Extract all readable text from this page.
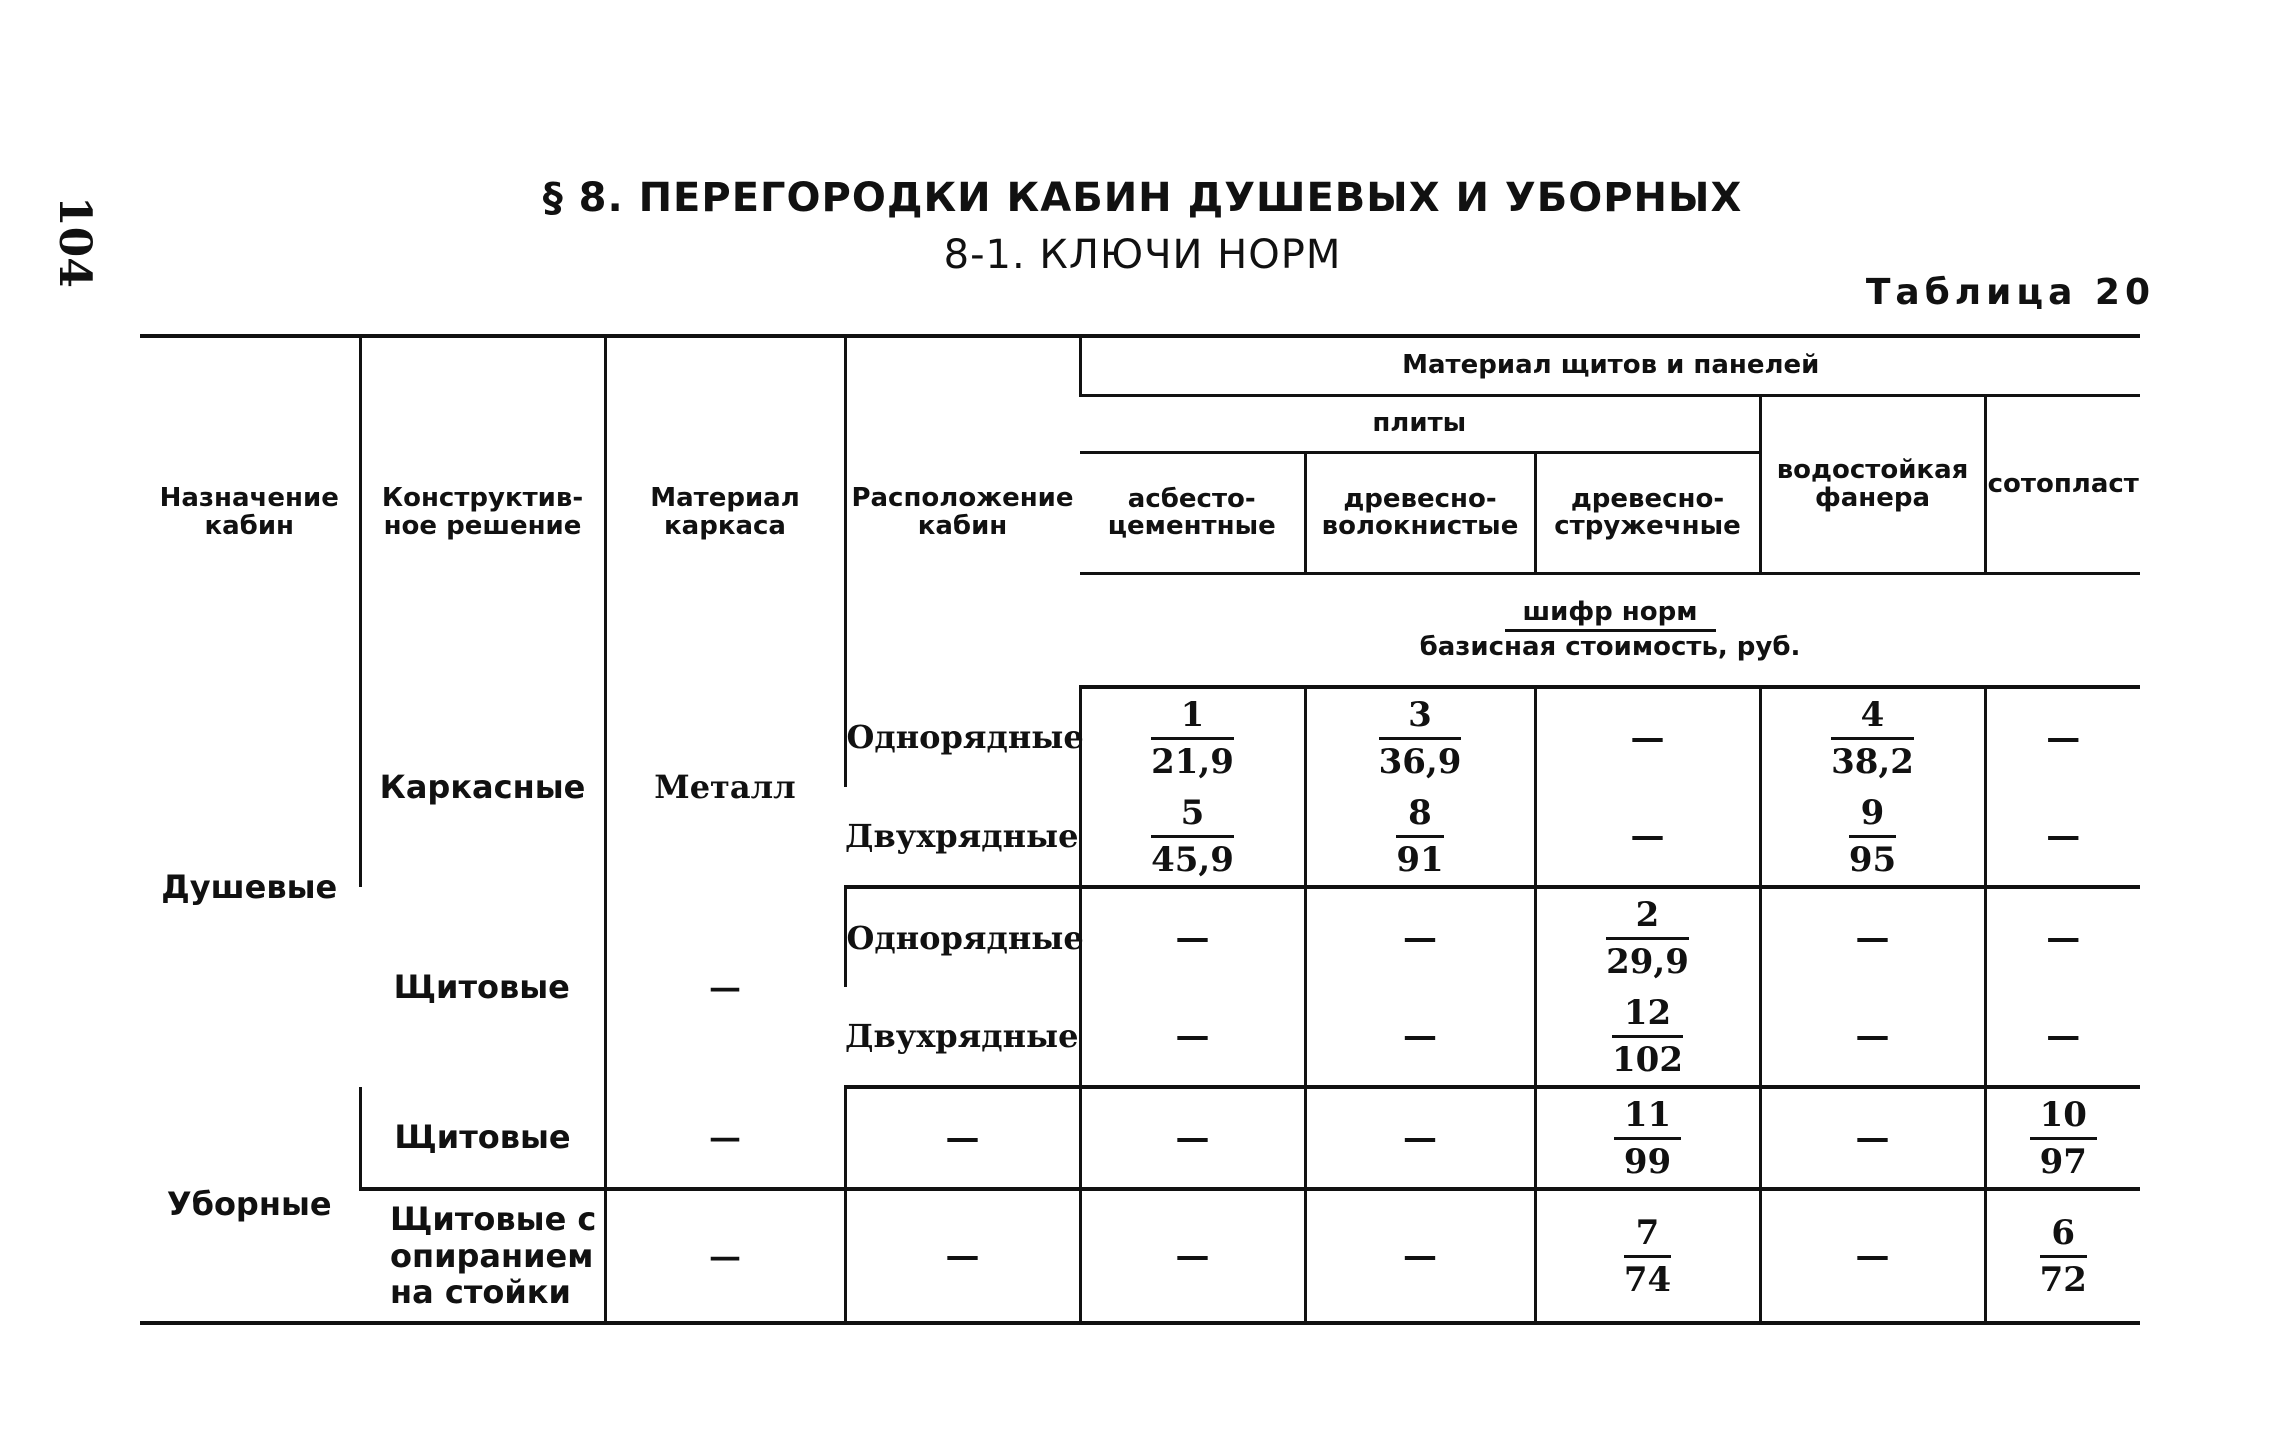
104	§ 8. ПЕРЕГОРОДКИ КАБИН ДУШЕВЫХ И УБОРНЫХ
8-1. КЛЮЧИ НОРМ
Таблица 20
Назначение кабин	Конструктив- ное решение	Материал каркаса	Расположение кабин	Материал щитов и панелей				
				плиты			водостойкая фанера	сотопласт
				асбесто- цементные	древесно- волокнистые	древесно- стружечные		
				шифр норм
базисная стоимость, руб.				

Душевые	Каркасные	Металл	Однорядные	$\frac{1}{21,9}$	$\frac{3}{36,9}$	—	$\frac{4}{38,2}$	—
			Двухрядные	$\frac{5}{45,9}$	$\frac{8}{91}$	—	$\frac{9}{95}$	—
	Щитовые	—	Однорядные	—	—	$\frac{2}{29,9}$	—	—
			Двухрядные	—	—	$\frac{12}{102}$	—	—
Уборные	Щитовые	—	—	—	—	$\frac{11}{99}$	—	$\frac{10}{97}$

	Щитовые с опиранием на стойки	—	—	—	—	$\frac{7}{74}$	—	$\frac{6}{72}$
